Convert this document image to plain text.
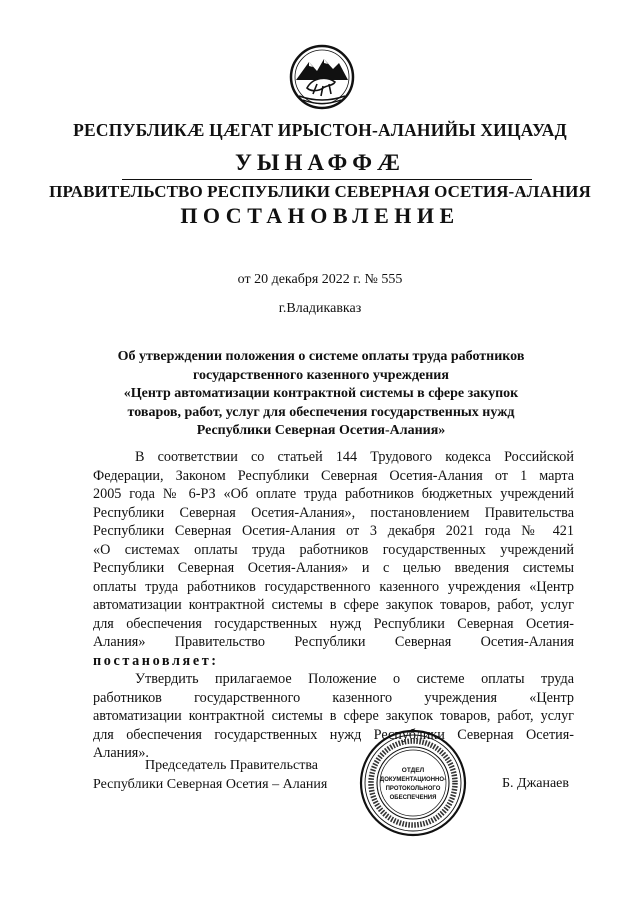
РЕСПУБЛИКӔ ЦӔГАТ ИРЫСТОН-АЛАНИЙЫ ХИЦАУАД
УЫНАФФӔ
ПРАВИТЕЛЬСТВО РЕСПУБЛИКИ СЕВЕРНАЯ ОСЕТИЯ-АЛАНИЯ
ПОСТАНОВЛЕНИЕ
от 20 декабря 2022 г. № 555
г.Владикавказ
Об утверждении положения о системе оплаты труда работников
государственного казенного учреждения
«Центр автоматизации контрактной системы в сфере закупок
товаров, работ, услуг для обеспечения государственных нужд
Республики Северная Осетия-Алания»
В соответствии со статьей 144 Трудового кодекса Российской
Федерации, Законом Республики Северная Осетия-Алания от 1 марта
2005 года № 6-РЗ «Об оплате труда работников бюджетных учреждений
Республики Северная Осетия-Алания», постановлением Правительства
Республики Северная Осетия-Алания от 3 декабря 2021 года № 421
«О системах оплаты труда работников государственных учреждений
Республики Северная Осетия-Алания» и с целью введения системы
оплаты труда работников государственного казенного учреждения «Центр
автоматизации контрактной системы в сфере закупок товаров, работ, услуг
для обеспечения государственных нужд Республики Северная Осетия-
Алания» Правительство Республики Северная Осетия-Алания
постановляет:
Утвердить прилагаемое Положение о системе оплаты труда
работников государственного казенного учреждения «Центр
автоматизации контрактной системы в сфере закупок товаров, работ, услуг
для обеспечения государственных нужд Республики Северная Осетия-
Алания».
Председатель Правительства
Республики Северная Осетия – Алания
ОТДЕЛ
ДОКУМЕНТАЦИОННО-
ПРОТОКОЛЬНОГО
ОБЕСПЕЧЕНИЯ
Б. Джанаев
